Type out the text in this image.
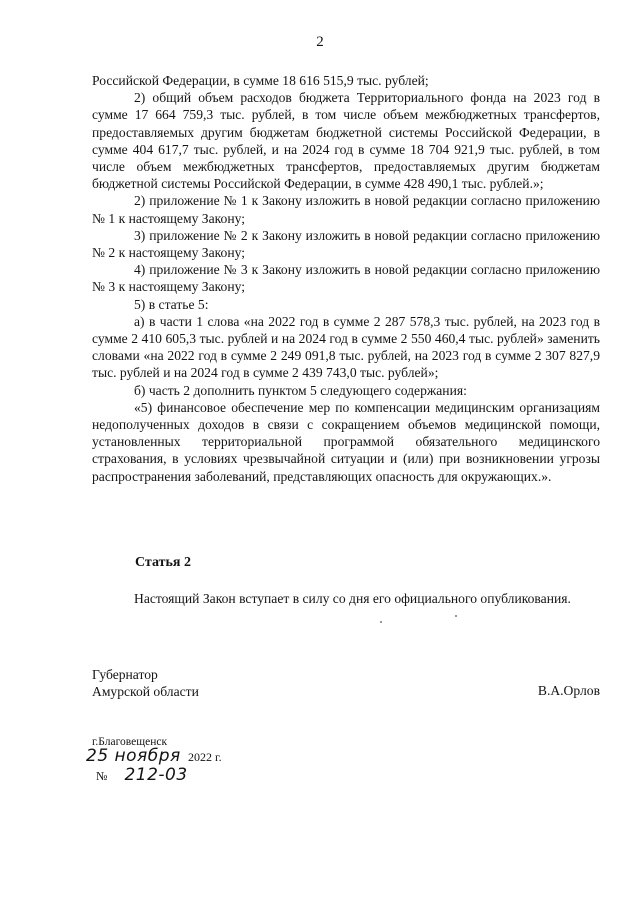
2

Российской Федерации, в сумме 18 616 515,9 тыс. рублей;

2) общий объем расходов бюджета Территориального фонда на 2023 год в сумме 17 664 759,3 тыс. рублей, в том числе объем межбюджетных трансфертов, предоставляемых другим бюджетам бюджетной системы Российской Федерации, в сумме 404 617,7 тыс. рублей, и на 2024 год в сумме 18 704 921,9 тыс. рублей, в том числе объем межбюджетных трансфертов, предоставляемых другим бюджетам бюджетной системы Российской Федерации, в сумме 428 490,1 тыс. рублей.»;

2) приложение № 1 к Закону изложить в новой редакции согласно приложению № 1 к настоящему Закону;

3) приложение № 2 к Закону изложить в новой редакции согласно приложению № 2 к настоящему Закону;

4) приложение № 3 к Закону изложить в новой редакции согласно приложению № 3 к настоящему Закону;

5) в статье 5:

а) в части 1 слова «на 2022 год в сумме 2 287 578,3 тыс. рублей, на 2023 год в сумме 2 410 605,3 тыс. рублей и на 2024 год в сумме 2 550 460,4 тыс. рублей» заменить словами «на 2022 год в сумме 2 249 091,8 тыс. рублей, на 2023 год в сумме 2 307 827,9 тыс. рублей и на 2024 год в сумме 2 439 743,0 тыс. рублей»;

б) часть 2 дополнить пунктом 5 следующего содержания:

«5) финансовое обеспечение мер по компенсации медицинским организациям недополученных доходов в связи с сокращением объемов медицинской помощи, установленных территориальной программой обязательного медицинского страхования, в условиях чрезвычайной ситуации и (или) при возникновении угрозы распространения заболеваний, представляющих опасность для окружающих.».

Статья 2

Настоящий Закон вступает в силу со дня его официального опубликования.

Губернатор
Амурской области	В.А.Орлов
г.Благовещенск
25 ноября 2022 г.
№ 212-03
